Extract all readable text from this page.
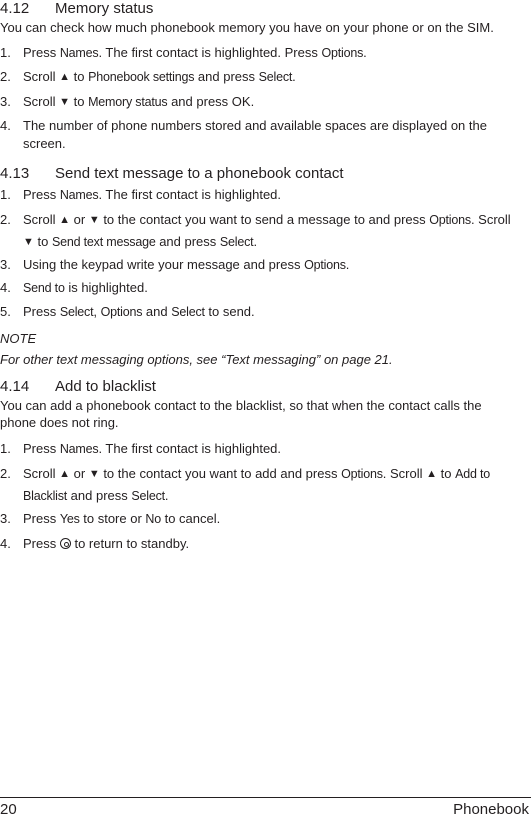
4.12	Memory status

You can check how much phonebook memory you have on your phone or on the SIM.

1. Press Names. The first contact is highlighted. Press Options.
2. Scroll ▲ to Phonebook settings and press Select.
3. Scroll ▼ to Memory status and press OK.
4. The number of phone numbers stored and available spaces are displayed on the screen.
4.13	Send text message to a phonebook contact
1. Press Names. The first contact is highlighted.
2. Scroll ▲ or ▼ to the contact you want to send a message to and press Options. Scroll
▼ to Send text message and press Select.
3. Using the keypad write your message and press Options.
4. Send to is highlighted.
5. Press Select, Options and Select to send.
NOTE
For other text messaging options, see “Text messaging” on page 21.
4.14	Add to blacklist

You can add a phonebook contact to the blacklist, so that when the contact calls the
phone does not ring.

1. Press Names. The first contact is highlighted.
2. Scroll ▲ or ▼ to the contact you want to add and press Options. Scroll ▲ to Add to
Blacklist and press Select.
3. Press Yes to store or No to cancel.
4. Press  to return to standby.
20	Phonebook
